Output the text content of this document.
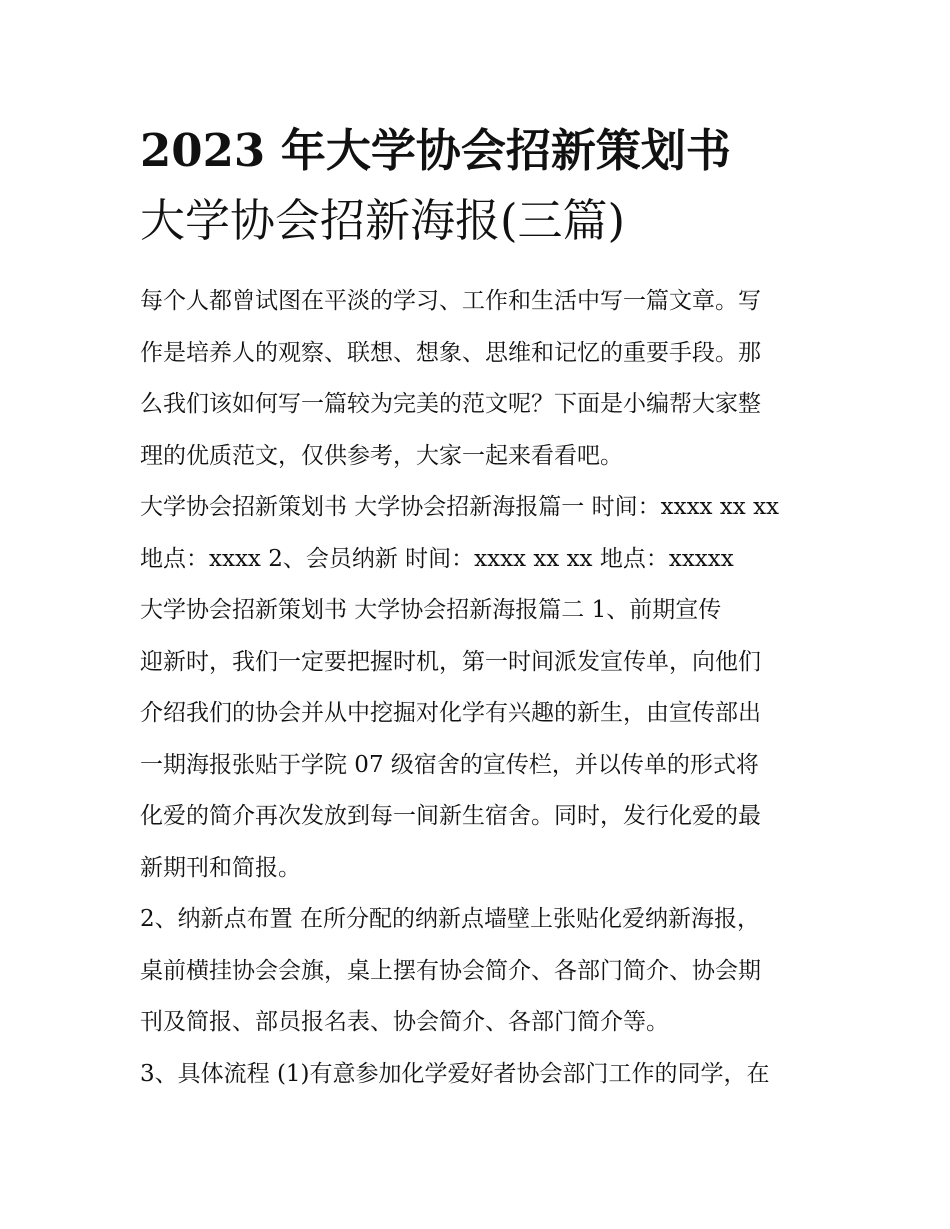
2023 年大学协会招新策划书
大学协会招新海报(三篇)
每个人都曾试图在平淡的学习、工作和生活中写一篇文章。写
作是培养人的观察、联想、想象、思维和记忆的重要手段。那
么我们该如何写一篇较为完美的范文呢？下面是小编帮大家整
理的优质范文，仅供参考，大家一起来看看吧。
大学协会招新策划书 大学协会招新海报篇一 时间：xxxx xx xx
地点：xxxx 2、会员纳新 时间：xxxx xx xx 地点：xxxxx
大学协会招新策划书 大学协会招新海报篇二 1、前期宣传
迎新时，我们一定要把握时机，第一时间派发宣传单，向他们
介绍我们的协会并从中挖掘对化学有兴趣的新生，由宣传部出
一期海报张贴于学院 07 级宿舍的宣传栏，并以传单的形式将
化爱的简介再次发放到每一间新生宿舍。同时，发行化爱的最
新期刊和简报。
2、纳新点布置 在所分配的纳新点墙壁上张贴化爱纳新海报，
桌前横挂协会会旗，桌上摆有协会简介、各部门简介、协会期
刊及简报、部员报名表、协会简介、各部门简介等。
3、具体流程 (1)有意参加化学爱好者协会部门工作的同学，在
